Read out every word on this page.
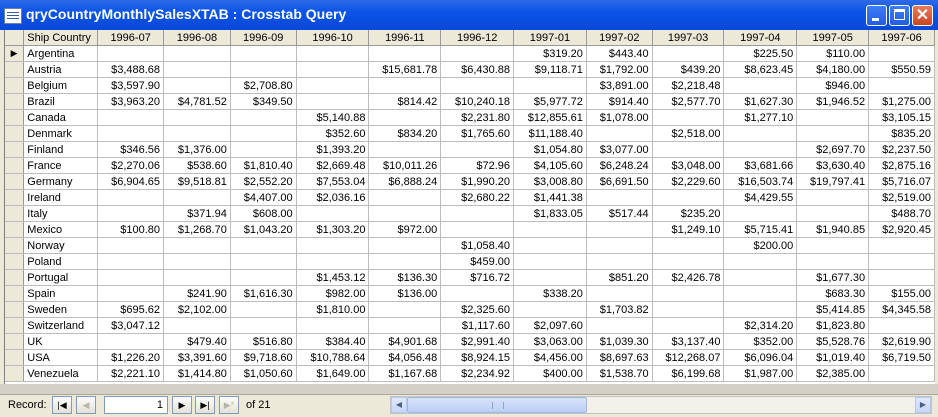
qryCountryMonthlySalesXTAB : Crosstab Query	✕
	Ship Country	1996-07	1996-08	1996-09	1996-10	1996-11	1996-12	1997-01	1997-02	1997-03	1997-04	1997-05	1997-06
▶	Argentina							$319.20	$443.40		$225.50	$110.00	
	Austria	$3,488.68				$15,681.78	$6,430.88	$9,118.71	$1,792.00	$439.20	$8,623.45	$4,180.00	$550.59
	Belgium	$3,597.90		$2,708.80					$3,891.00	$2,218.48		$946.00	
	Brazil	$3,963.20	$4,781.52	$349.50		$814.42	$10,240.18	$5,977.72	$914.40	$2,577.70	$1,627.30	$1,946.52	$1,275.00
	Canada				$5,140.88		$2,231.80	$12,855.61	$1,078.00		$1,277.10		$3,105.15
	Denmark				$352.60	$834.20	$1,765.60	$11,188.40		$2,518.00			$835.20
	Finland	$346.56	$1,376.00		$1,393.20			$1,054.80	$3,077.00			$2,697.70	$2,237.50
	France	$2,270.06	$538.60	$1,810.40	$2,669.48	$10,011.26	$72.96	$4,105.60	$6,248.24	$3,048.00	$3,681.66	$3,630.40	$2,875.16
	Germany	$6,904.65	$9,518.81	$2,552.20	$7,553.04	$6,888.24	$1,990.20	$3,008.80	$6,691.50	$2,229.60	$16,503.74	$19,797.41	$5,716.07
	Ireland			$4,407.00	$2,036.16		$2,680.22	$1,441.38			$4,429.55		$2,519.00
	Italy		$371.94	$608.00				$1,833.05	$517.44	$235.20			$488.70
	Mexico	$100.80	$1,268.70	$1,043.20	$1,303.20	$972.00				$1,249.10	$5,715.41	$1,940.85	$2,920.45
	Norway						$1,058.40				$200.00		
	Poland						$459.00						
	Portugal				$1,453.12	$136.30	$716.72		$851.20	$2,426.78		$1,677.30	
	Spain		$241.90	$1,616.30	$982.00	$136.00		$338.20				$683.30	$155.00
	Sweden	$695.62	$2,102.00		$1,810.00		$2,325.60		$1,703.82			$5,414.85	$4,345.58
	Switzerland	$3,047.12					$1,117.60	$2,097.60			$2,314.20	$1,823.80	
	UK		$479.40	$516.80	$384.40	$4,901.68	$2,991.40	$3,063.00	$1,039.30	$3,137.40	$352.00	$5,528.76	$2,619.90
	USA	$1,226.20	$3,391.60	$9,718.60	$10,788.64	$4,056.48	$8,924.15	$4,456.00	$8,697.63	$12,268.07	$6,096.04	$1,019.40	$6,719.50
	Venezuela	$2,221.10	$1,414.80	$1,050.60	$1,649.00	$1,167.68	$2,234.92	$400.00	$1,538.70	$6,199.68	$1,987.00	$2,385.00	
Record:	|◀	◀	1	▶	▶|	▶*	of 21	◀	▶
